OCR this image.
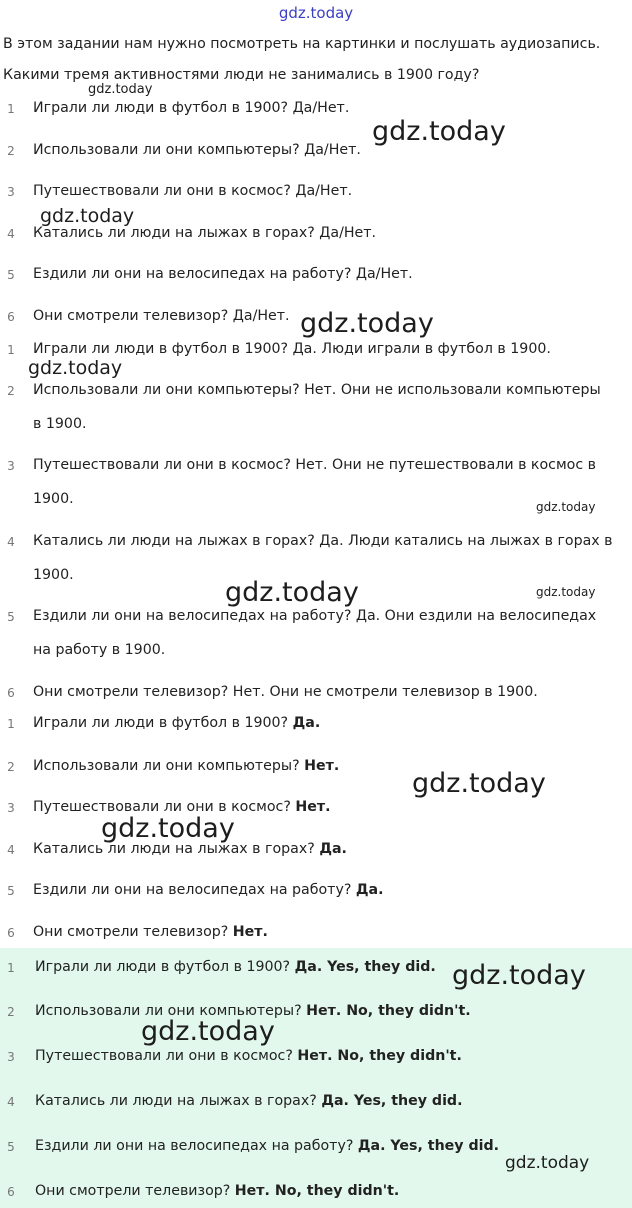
gdz.today
В этом задании нам нужно посмотреть на картинки и послушать аудиозапись.
Какими тремя активностями люди не занимались в 1900 году?
1	Играли ли люди в футбол в 1900? Да/Нет.
2	Использовали ли они компьютеры? Да/Нет.
3	Путешествовали ли они в космос? Да/Нет.
4	Катались ли люди на лыжах в горах? Да/Нет.
5	Ездили ли они на велосипедах на работу? Да/Нет.
6	Они смотрели телевизор? Да/Нет.
1	Играли ли люди в футбол в 1900? Да. Люди играли в футбол в 1900.
2	Использовали ли они компьютеры? Нет. Они не использовали компьютеры
в 1900.
3	Путешествовали ли они в космос? Нет. Они не путешествовали в космос в
1900.
4	Катались ли люди на лыжах в горах? Да. Люди катались на лыжах в горах в
1900.
5	Ездили ли они на велосипедах на работу? Да. Они ездили на велосипедах
на работу в 1900.
6	Они смотрели телевизор? Нет. Они не смотрели телевизор в 1900.
1	Играли ли люди в футбол в 1900? Да.
2	Использовали ли они компьютеры? Нет.
3	Путешествовали ли они в космос? Нет.
4	Катались ли люди на лыжах в горах? Да.
5	Ездили ли они на велосипедах на работу? Да.
6	Они смотрели телевизор? Нет.
1	Играли ли люди в футбол в 1900? Да. Yes, they did.
2	Использовали ли они компьютеры? Нет. No, they didn't.
3	Путешествовали ли они в космос? Нет. No, they didn't.
4	Катались ли люди на лыжах в горах? Да. Yes, they did.
5	Ездили ли они на велосипедах на работу? Да. Yes, they did.
6	Они смотрели телевизор? Нет. No, they didn't.
gdz.today
gdz.today
gdz.today
gdz.today
gdz.today
gdz.today
gdz.today	gdz.today
gdz.today
gdz.today
gdz.today
gdz.today
gdz.today
